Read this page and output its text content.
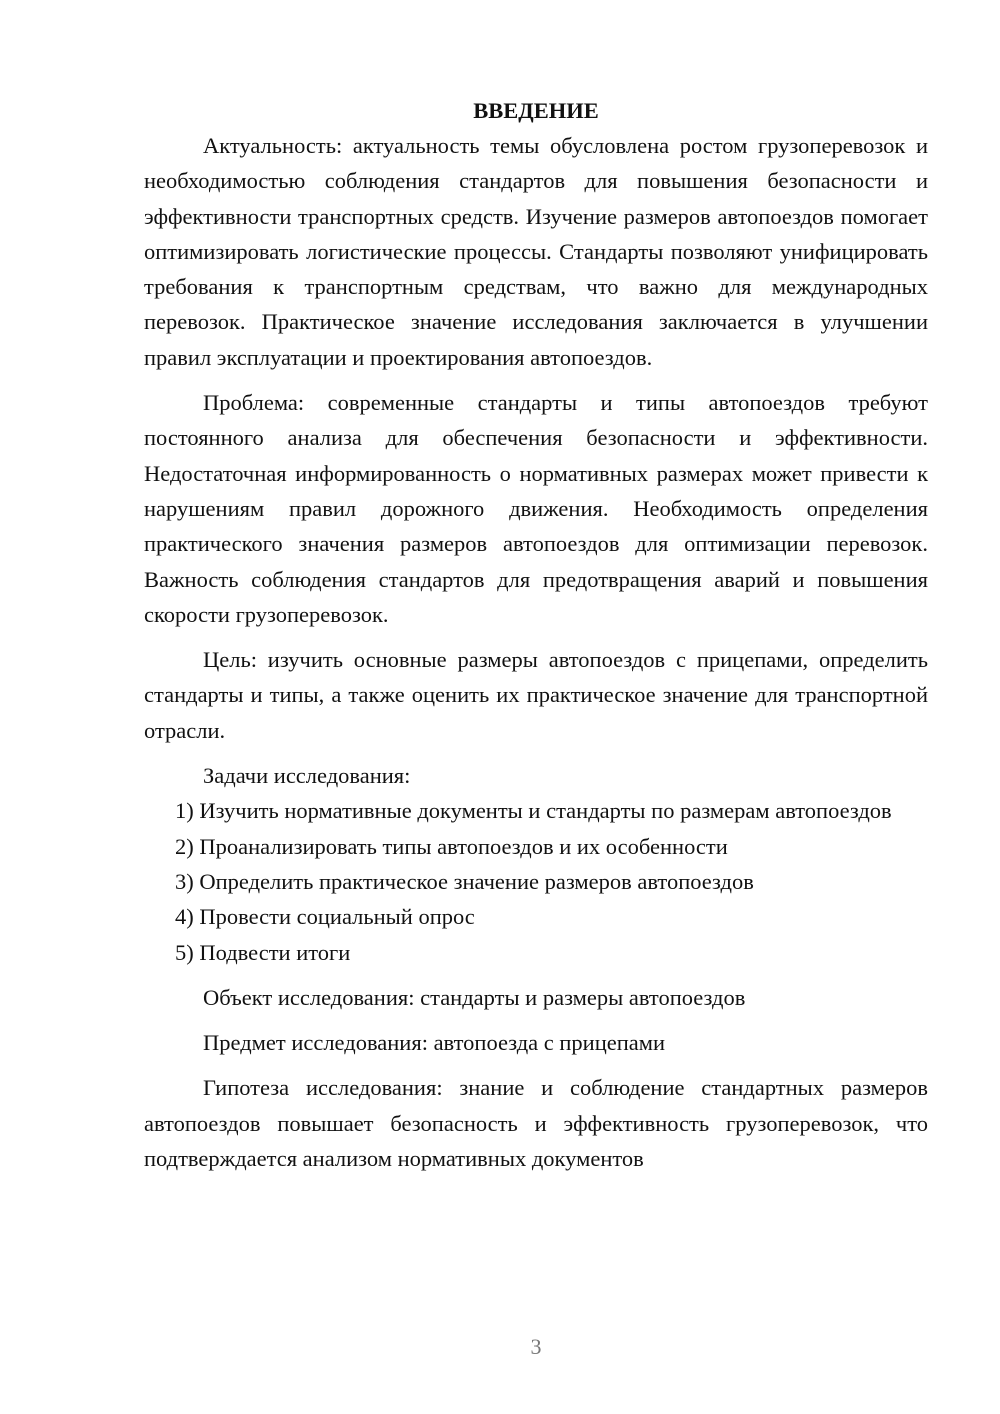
ВВЕДЕНИЕ

Актуальность: актуальность темы обусловлена ростом грузоперевозок и необходимостью соблюдения стандартов для повышения безопасности и эффективности транспортных средств. Изучение размеров автопоездов помогает оптимизировать логистические процессы. Стандарты позволяют унифицировать требования к транспортным средствам, что важно для международных перевозок. Практическое значение исследования заключается в улучшении правил эксплуатации и проектирования автопоездов.

Проблема: современные стандарты и типы автопоездов требуют постоянного анализа для обеспечения безопасности и эффективности. Недостаточная информированность о нормативных размерах может привести к нарушениям правил дорожного движения. Необходимость определения практического значения размеров автопоездов для оптимизации перевозок. Важность соблюдения стандартов для предотвращения аварий и повышения скорости грузоперевозок.

Цель: изучить основные размеры автопоездов с прицепами, определить стандарты и типы, а также оценить их практическое значение для транспортной отрасли.

Задачи исследования:

1) Изучить нормативные документы и стандарты по размерам автопоездов

2) Проанализировать типы автопоездов и их особенности

3) Определить практическое значение размеров автопоездов

4) Провести социальный опрос

5) Подвести итоги

Объект исследования: стандарты и размеры автопоездов

Предмет исследования: автопоезда с прицепами

Гипотеза исследования: знание и соблюдение стандартных размеров автопоездов повышает безопасность и эффективность грузоперевозок, что подтверждается анализом нормативных документов

3
